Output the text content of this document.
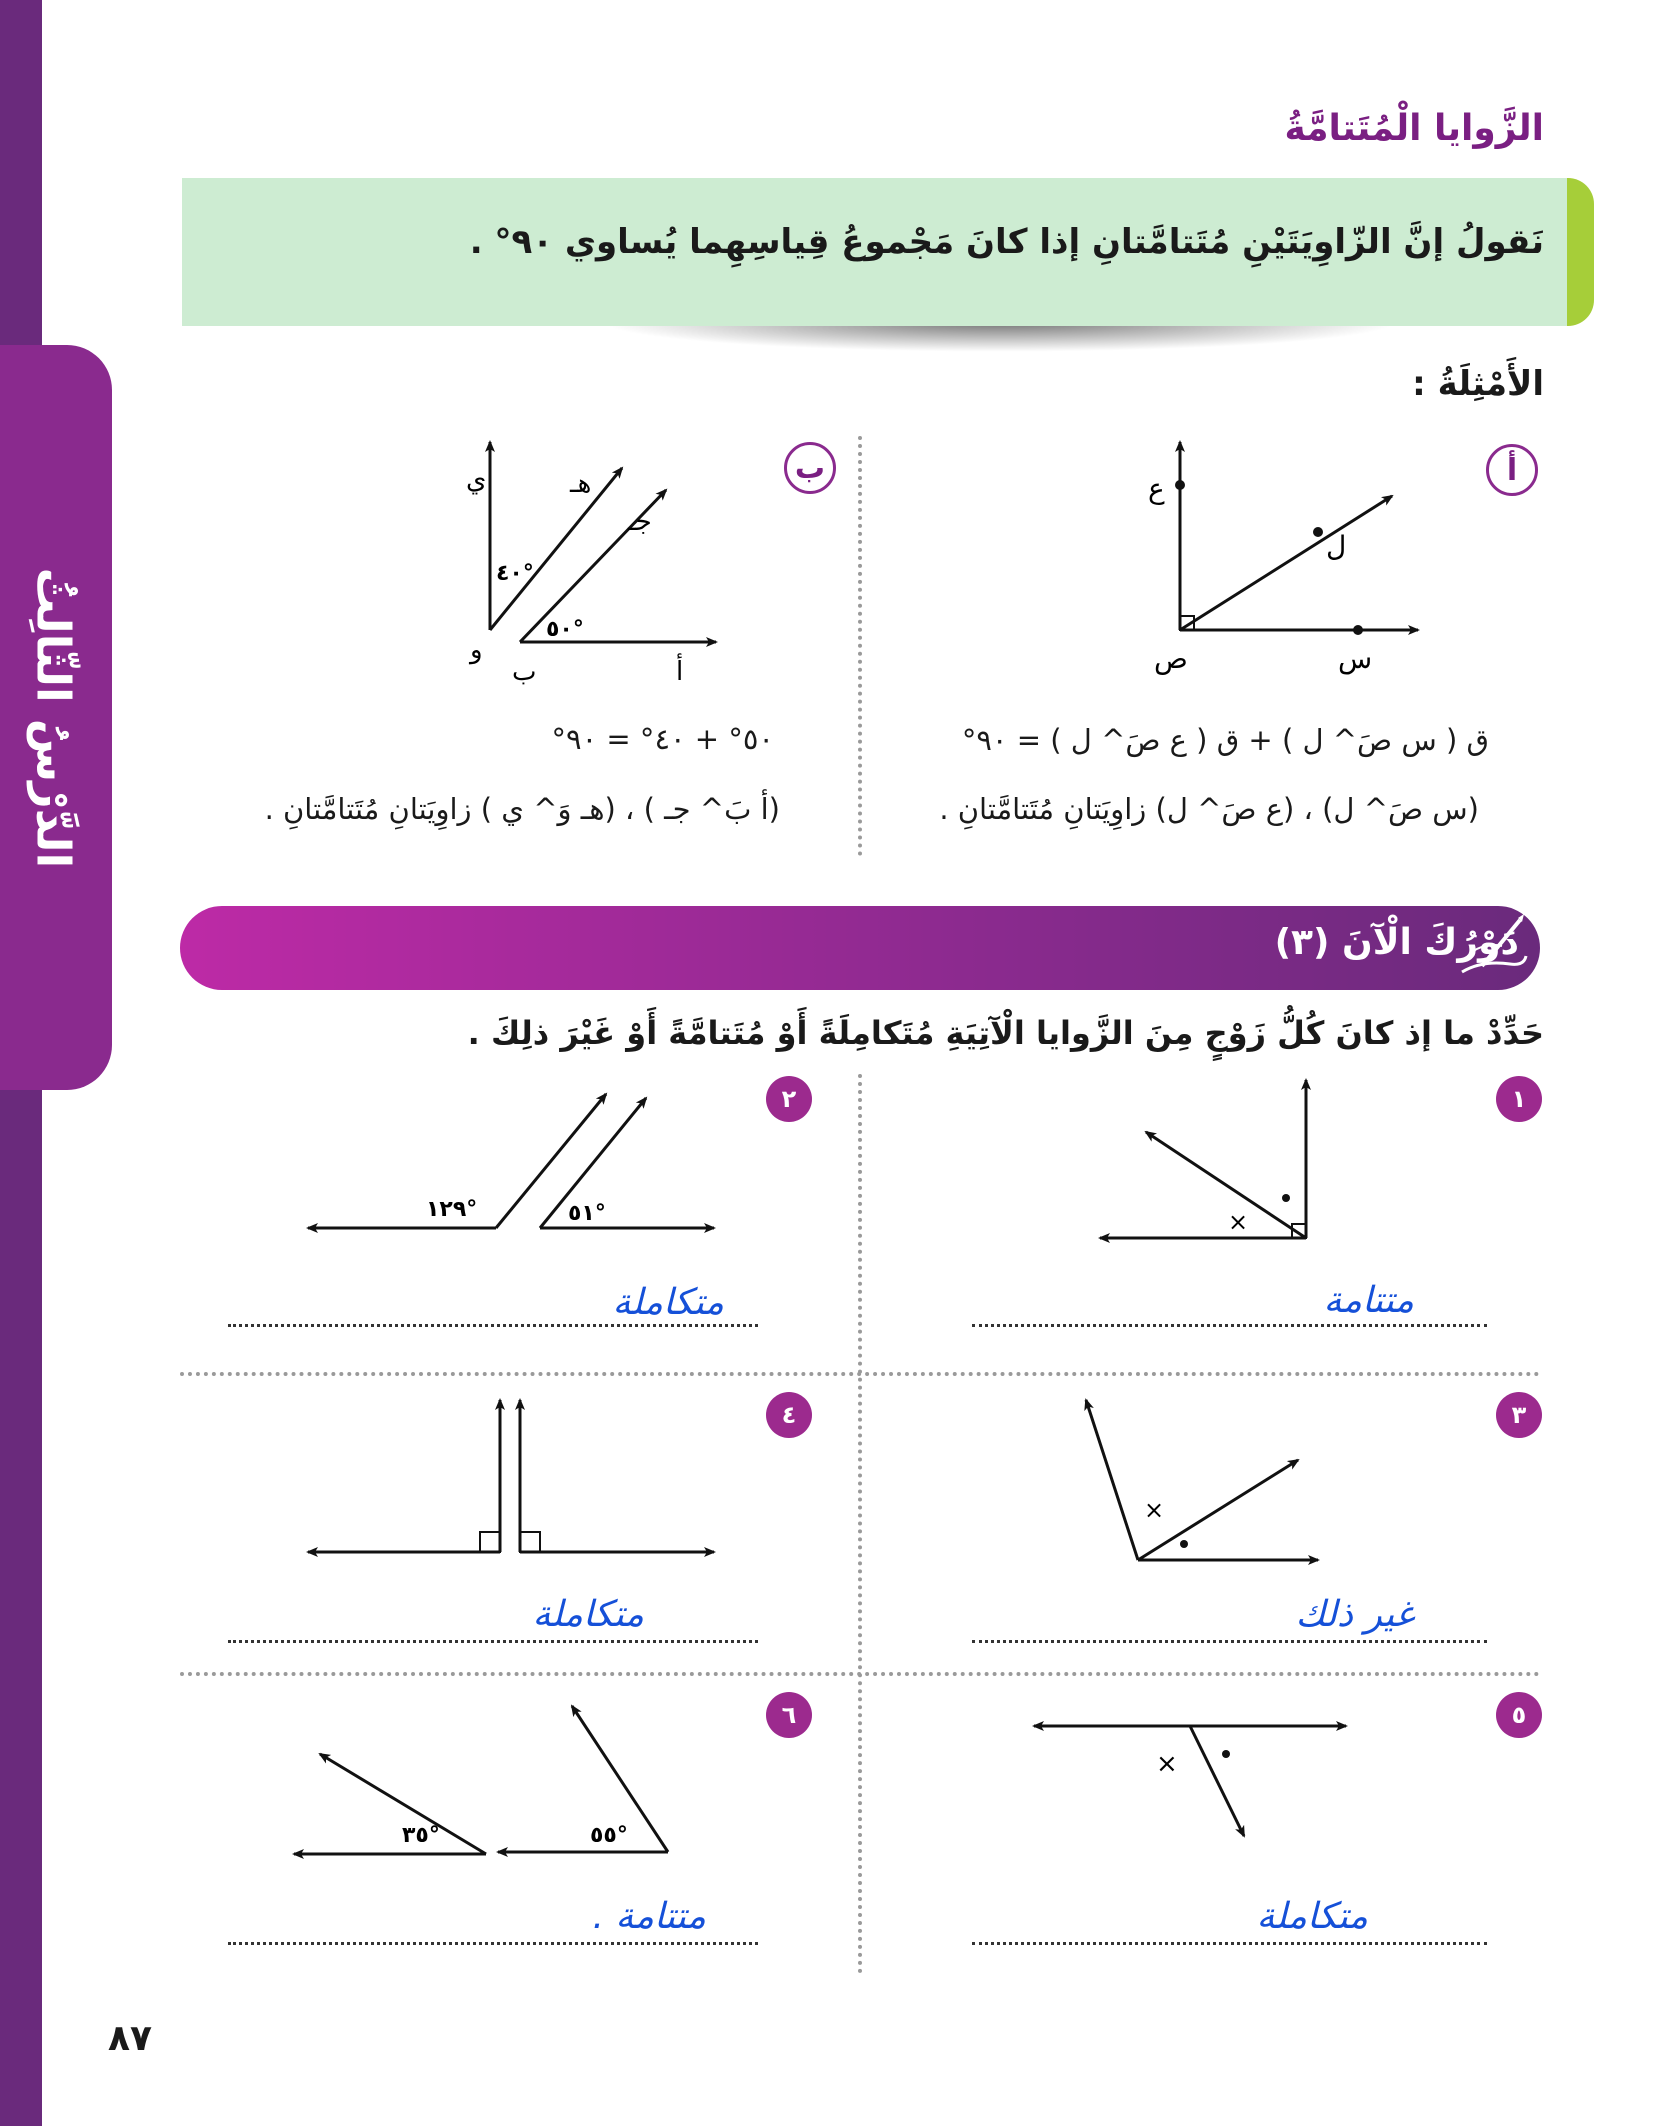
الدَّرْسُ الثّالِثُ
الزَّوايا الْمُتَتامَّةُ
نَقولُ إنَّ الزّاوِيَتَيْنِ مُتَتامَّتانِ إذا كانَ مَجْموعُ قِياسِهِما يُساوي ٩٠° .
الأَمْثِلَةُ :
أ
ع
ل
ص	س
ق ( س صَ^ ل ) + ق ( ع صَ^ ل ) = ٩٠°
(س صَ^ ل) ، (ع صَ^ ل) زاوِيَتانِ مُتَتامَّتانِ .
ب
ي	هـ
جـ
و
ب	ﺃ
٤٠°
٥٠°
٥٠° + ٤٠° = ٩٠°
(ﺃ بَ^ جـ ) ، (هـ وَ^ ي ) زاوِيَتانِ مُتَتامَّتانِ .
دَوْرُكَ الْآنَ (٣)
حَدِّدْ ما إذ كانَ كُلُّ زَوْجٍ مِنَ الزَّوايا الْآتِيَةِ مُتَكامِلَةً أَوْ مُتَتامَّةً أَوْ غَيْرَ ذلِكَ .
١
×
متتامة
٢
١٢٩°	٥١°
متكاملة
٣
×
غير ذلك
٤
متكاملة
٥
×
متكاملة
٦
٣٥°	٥٥°
متتامة .
٨٧
